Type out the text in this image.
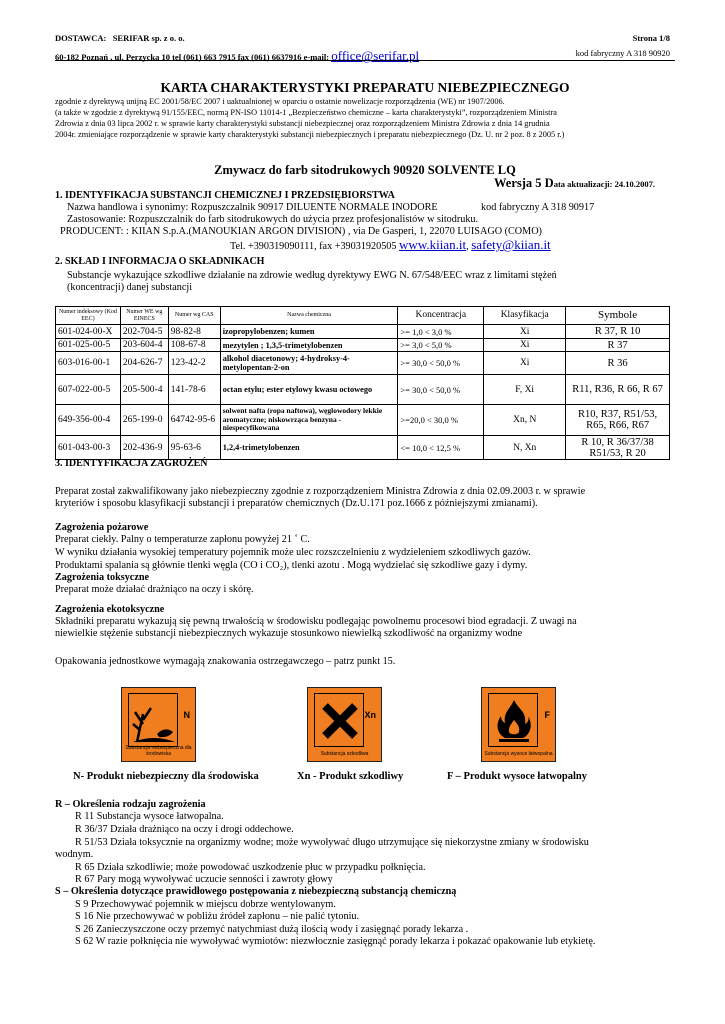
DOSTAWCA: SERIFAR sp. z o. o.	Strona 1/8
60-182 Poznań , ul. Perzycka 10 tel (061) 663 7915 fax (061) 6637916 e-mail: office@serifar.pl	kod fabryczny A 318 90920
KARTA CHARAKTERYSTYKI PREPARATU NIEBEZPIECZNEGO
zgodnie z dyrektywą unijną EC 2001/58/EC 2007 i uaktualnionej w oparciu o ostatnie nowelizacje rozporządzenia (WE) nr 1907/2006.
(a także w zgodzie z dyrektywą 91/155/EEC, normą PN-ISO 11014-1 „Bezpieczeństwo chemiczne – karta charakterystyki”, rozporządzeniem Ministra
Zdrowia z dnia 03 lipca 2002 r. w sprawie karty charakterystyki substancji niebezpiecznej oraz rozporządzeniem Ministra Zdrowia z dnia 14 grudnia
2004r. zmieniające rozporządzenie w sprawie karty charakterystyki substancji niebezpiecznych i preparatu niebezpiecznego (Dz. U. nr 2 poz. 8 z 2005 r.)
Zmywacz do farb sitodrukowych 90920 SOLVENTE LQ
Wersja 5 Data aktualizacji: 24.10.2007.
1. IDENTYFIKACJA SUBSTANCJI CHEMICZNEJ I PRZEDSIĘBIORSTWA
Nazwa handlowa i synonimy: Rozpuszczalnik 90917 DILUENTE NORMALE INODORE	kod fabryczny A 318 90917
Zastosowanie: Rozpuszczalnik do farb sitodrukowych do użycia przez profesjonalistów w sitodruku.
PRODUCENT: : KIIAN S.p.A.(MANOUKIAN ARGON DIVISION) , via De Gasperi, 1, 22070 LUISAGO (COMO)
Tel. +390319090111, fax +39031920505 www.kiian.it, safety@kiian.it
2. SKŁAD I INFORMACJA O SKŁADNIKACH
Substancje wykazujące szkodliwe działanie na zdrowie według dyrektywy EWG N. 67/548/EEC wraz z limitami stężeń
(koncentracji) danej substancji
Numer indeksowy (Kod EEC)	Numer WE wg EINECS	Numer wg CAS	Nazwa chemiczna	Koncentracja	Klasyfikacja	Symbole
601-024-00-X	202-704-5	98-82-8	izopropylobenzen; kumen	>= 1,0 < 3,0 %	Xi	R 37, R 10
601-025-00-5	203-604-4	108-67-8	mezytylen ; 1,3,5-trimetylobenzen	>= 3,0 < 5,0 %	Xi	R 37
603-016-00-1	204-626-7	123-42-2	alkohol diacetonowy; 4-hydroksy-4-metylopentan-2-on	>= 30,0 < 50,0 %	Xi	R 36
607-022-00-5	205-500-4	141-78-6	octan etylu; ester etylowy kwasu octowego	>= 30,0 < 50,0 %	F, Xi	R11, R36, R 66, R 67
649-356-00-4	265-199-0	64742-95-6	solwent nafta (ropa naftowa), węglowodory lekkie aromatyczne; niskowrząca benzyna - niespecyfikowana	>=20,0 < 30,0 %	Xn, N	R10, R37, R51/53, R65, R66, R67
601-043-00-3	202-436-9	95-63-6	1,2,4-trimetylobenzen	<= 10,0 < 12,5 %	N, Xn	R 10, R 36/37/38 R51/53, R 20
3. IDENTYFIKACJA ZAGROŻEŃ
Preparat został zakwalifikowany jako niebezpieczny zgodnie z rozporządzeniem Ministra Zdrowia z dnia 02.09.2003 r. w sprawie
kryteriów i sposobu klasyfikacji substancji i preparatów chemicznych (Dz.U.171 poz.1666 z późniejszymi zmianami).
Zagrożenia pożarowe
Preparat ciekły. Palny o temperaturze zapłonu powyżej 21 ˚ C.
W wyniku działania wysokiej temperatury pojemnik może ulec rozszczelnieniu z wydzieleniem szkodliwych gazów.
Produktami spalania są głównie tlenki węgla (CO i CO₂), tlenki azotu . Mogą wydzielać się szkodliwe gazy i dymy.
Zagrożenia toksyczne
Preparat może działać drażniąco na oczy i skórę.
Zagrożenia ekotoksyczne
Składniki preparatu wykazują się pewną trwałością w środowisku podlegając powolnemu procesowi biod egradacji. Z uwagi na
niewielkie stężenie substancji niebezpiecznych wykazuje stosunkowo niewielką szkodliwość na organizmy wodne
Opakowania jednostkowe wymagają znakowania ostrzegawczego – patrz punkt 15.
N
Substancja niebezpieczna dla środowiska
N- Produkt niebezpieczny dla środowiska
Xn
Substancja szkodliwa
Xn - Produkt szkodliwy
F
Substancja wysoce łatwopalna
F – Produkt wysoce łatwopalny
R – Określenia rodzaju zagrożenia
R 11 Substancja wysoce łatwopalna.
R 36/37 Działa drażniąco na oczy i drogi oddechowe.
R 51/53 Działa toksycznie na organizmy wodne; może wywoływać długo utrzymujące się niekorzystne zmiany w środowisku
wodnym.
R 65 Działa szkodliwie; może powodować uszkodzenie płuc w przypadku połknięcia.
R 67 Pary mogą wywoływać uczucie senności i zawroty głowy
S – Określenia dotyczące prawidłowego postępowania z niebezpieczną substancją chemiczną
S 9 Przechowywać pojemnik w miejscu dobrze wentylowanym.
S 16 Nie przechowywać w pobliżu źródeł zapłonu – nie palić tytoniu.
S 26 Zanieczyszczone oczy przemyć natychmiast dużą ilością wody i zasięgnąć porady lekarza .
S 62 W razie połknięcia nie wywoływać wymiotów: niezwłocznie zasięgnąć porady lekarza i pokazać opakowanie lub etykietę.
